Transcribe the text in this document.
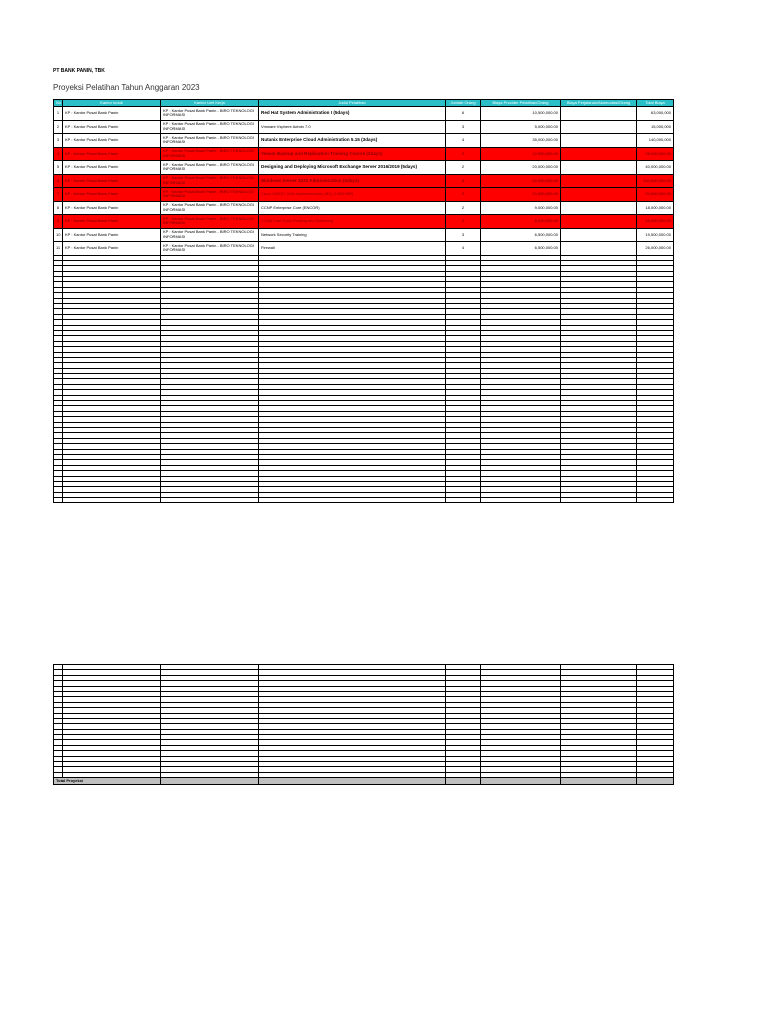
PT BANK PANIN, TBK
Proyeksi Pelatihan Tahun Anggaran 2023
No	Kantor Induk	Kantor Unit Kerja	Judul Pelatihan	Jumlah Orang	Biaya Provider Pelatihan/Orang	Biaya Perjalanan/Akomodasi/Orang	Total Biaya
1	KP : Kantor Pusat Bank Panin	KP : Kantor Pusat Bank Panin - BIRO TEKNOLOGI INFORMASI	Red Hat System Administration I (5days)	6	10,500,000.00		63,000,000
2	KP : Kantor Pusat Bank Panin	KP : Kantor Pusat Bank Panin - BIRO TEKNOLOGI INFORMASI	Vmware Vsphere Admin 7.0	3	5,000,000.00		15,000,000
3	KP : Kantor Pusat Bank Panin	KP : Kantor Pusat Bank Panin - BIRO TEKNOLOGI INFORMASI	Nutanix Enterprise Cloud Administration 5.15 (3days)	4	35,000,000.00		140,000,000
4	KP : Kantor Pusat Bank Panin	KP : Kantor Pusat Bank Panin - BIRO TEKNOLOGI INFORMASI	Veeam Backup and Replication Training Course (2days)	2	12,500,000.00		25,000,000.00
5	KP : Kantor Pusat Bank Panin	KP : Kantor Pusat Bank Panin - BIRO TEKNOLOGI INFORMASI	Designing and Deploying Microsoft Exchange Server 2016/2019 (5days)	2	20,000,000.00		40,000,000.00
6	KP : Kantor Pusat Bank Panin	KP : Kantor Pusat Bank Panin - BIRO TEKNOLOGI INFORMASI	Windows Server 2022 Administration (5days)	5	20,000,000.00		100,000,000.00
7	KP : Kantor Pusat Bank Panin	KP : Kantor Pusat Bank Panin - BIRO TEKNOLOGI INFORMASI	Cisco CMTA? SAN Implementation (BV) (CSDPMR)	2	10,000,000.00		20,000,000.00
8	KP : Kantor Pusat Bank Panin	KP : Kantor Pusat Bank Panin - BIRO TEKNOLOGI INFORMASI	CCNP Enterprise Core (ENCOR)	2	9,000,000.00		18,000,000.00
9	KP : Kantor Pusat Bank Panin	KP : Kantor Pusat Bank Panin - BIRO TEKNOLOGI INFORMASI	CCNA Fast Track Routing and Switching	2	8,000,000.00		16,000,000.00
10	KP : Kantor Pusat Bank Panin	KP : Kantor Pusat Bank Panin - BIRO TEKNOLOGI INFORMASI	Network Security Training	3	6,500,000.00		19,500,000.00
11	KP : Kantor Pusat Bank Panin	KP : Kantor Pusat Bank Panin - BIRO TEKNOLOGI INFORMASI	Firewall	4	6,500,000.00		26,000,000.00

Total Proyeksi							
